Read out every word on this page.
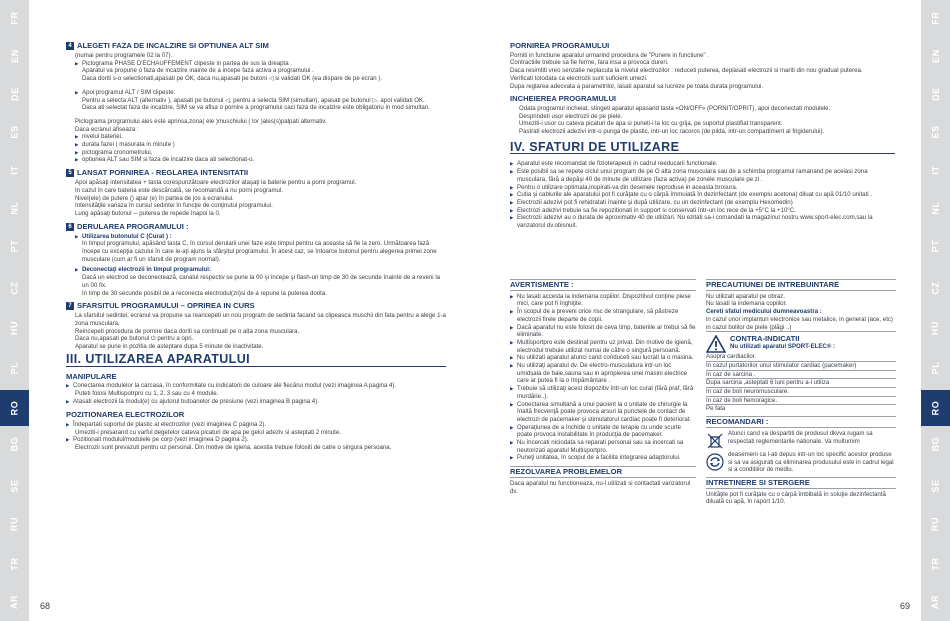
FR
EN
DE
ES
IT
NL
PT
CZ
HU
PL
RO
BG
SE
RU
TR
AR
FR
EN
DE
ES
IT
NL
PT
CZ
HU
PL
RO
BG
SE
RU
TR
AR
4 ALEGETI FAZA DE INCALZIRE SI OPTIUNEA ALT SIM

(numai pentru programele 02 la 07).

▶ Pictograma PHASE D'ECHAUFFEMENT clipeste in partea de sus la dreapta .

Aparatul va propune o faza de incalzire inainte de a incepe faza activa a programului .

Daca doriti s-o selectionati,apasati pe OK, daca nu,apasati pe butoni ◁ si validati OK (ea dispare de pe ecran ).

▶ Apoi programul ALT / SIM clipeste.

Pentru a selecta ALT (alternativ ), apasati pe butonul ◁, pentru a selecta SIM (simultan), apasati pe butonul ▷, apoi validati OK.

Daca ati selectat faza de incalzire, SIM se va afisa o pornire a programului caci faza de incalzire este obligatoriu in mod simultan.

Pictograma programului ales este aprinsa,zona( ele )muschiului ( lor )ales(s)palpati alternativ.

Daca ecranul afiseaza :

▶ nivelul bateriei,
▶ durata fazei ( masurata in minute )
▶ pictograma cronometrului,
▶ optiunea ALT sau SIM si faza de incalzire daca ati selectionat-o.
5 LANSAT PORNIREA - REGLAREA INTENSITATII

Apoi apăsaţi intensitatea + tasta corespunzătoare electrozilor ataşaţi la baterie pentru a porni programul.

In cazul în care bateria este descărcată, se recomandă a nu porni programul.

Nivel(ele) de putere () apar (e) în partea de jos a ecranului.

Intensităţile variaza în cursul sedintei în funcţie de conţinutul programului.

Lung apăsaţi butonul ─ puterea de repede înapoi la 0.

6 DERULAREA PROGRAMULUI :
▶ Utilizarea butonului C (Curat ) :

In timpul programului, apăsând tasta C, în cursul derularii unei faze este timpul pentru ca aceasta să fie la zero. Următoarea fază începe cu excepţia cazului în care le-aţi ajuns la sfârşitul programului. În acest caz, se întoarce butonul pentru alegerea primei zone musculare (cum ar fi un sfarsit de program normal).

▶ Deconectaţi electrozii în timpul programului:

Dacă un electrod se deconectează, canalul respectiv se pune la 00 şi începe şi flash-uri timp de 30 de secunde înainte de a reveni la un 00 fix.

In timp de 30 secunde posibil de a reconecta electrodul(zii)si de a repune la puterea dorita.

7 SFARSITUL PROGRAMULUI – OPRIREA IN CURS

La sfarsitul sedintei, ecranul va propune sa reancepeti un nou program de sedinta facand sa clipeasca muschii din fata pentru a alege 1-a zona musculara.

Reincepeti procedura de pornire daca doriti sa continuati pe o alta zona musculara.

Daca nu,apasati pe butonul ⏻ pentru a opri.

Aparatul se pune in pozitia de asteptare dupa 5 minute de inactivitate.

III. UTILIZAREA APARATULUI
MANIPULARE
▶ Conectarea modulelor la carcasa, în conformitate cu indicatorii de culoare ale fiecărui modul (vezi imaginea A pagina 4).

Puteti folosi Multispotrpro cu 1, 2, 3 sau cu 4 module.

▶ Atasati electrozii la modul(e) cu ajutorul butoanelor de presiune (vezi imaginea B pagina 4).
POZITIONAREA ELECTROZILOR
▶ Îndepartati suportul de plastic al electrozilor (vezi imaginea C pagina 2).

Umeziti-i presarand cu varful degetelor cateva picaturi de apa pe gelul adeziv si asteptati 2 minute.

▶ Pozitionati modulul/modulele pe corp (vezi imaginea D pagina 2).

Electrozii sunt prevazuti pentru uz personal. Din motive de igiena, acestia trebuie folositi de catre o singura persoana.

68
PORNIREA PROGRAMULUI

Porniti in functiune aparatul urmarind procedura de "Punere in functiune" .

Contractiile trebuie sa fie ferme, fara insa a provoca dureri.

Daca resimtiti vreo senzatie neplacuta la nivelul electrozilor : reduceti puterea, deplasati electrozii si mariti din nou gradual puterea.

Verificati totodata ca electrozii sunt suficient umezi.

Dupa reglarea adecvata a parametrilor, lasati aparatul sa lucreze pe toata durata programului.

INCHEIEREA PROGRAMULUI

Odata programul incheiat, stingeti aparatul apasand tasta «ON/OFF» (PORNIT/OPRIT), apoi deconectati modulele.

Desprindeti usor electrozii de pe piele.

Umeziti-i usor cu cateva picaturi de apa si puneti-i la loc cu grija, pe suportul plastifiat transparent.

Pastrati electrozii adezivi intr-o punga de plastic, intr-un loc racoros (de pilda, intr-un compartiment al frigiderului).

IV. SFATURI DE UTILIZARE
▶ Aparatul este recomandat de fizioterapeuti in cadrul reeducarii functionale.
▶ Este posibil sa se repete ciclul unui program de pe O alta zona musculara sau de a schimba programul ramanand pe aceiasi zona musculara, fără a depăşi 40 de minute de utilizare (faza activa) pe zonele musculare pe zi .
▶ Pentru o utilizare optimala,inspirati-va din desenele reproduse in aceasta brosura.
▶ Cutia şi cablurile ale aparatului pot fi curăţate cu o cârpă îmmuiată în dezinfectant (de exemplu acetona) diluat cu apă 01/10 unitati .
▶ Electrozii adezivi pot fi rehidratati înainte şi după utilizare, cu un dezinfectant (de exemplu Hexomedin)
▶ Electrozi adezivi trebuie sa fie repozitionati in support si conservati într-un loc rece de la +5°C la +10°C.
▶ Electrozii adezivi au o durata de aproximativ 40 de utilizari. Nu ezitati sa-i comandati la magazinul nostru www.sport-elec.com,sau la vanzatorul dv.obisnuit.
AVERTISMENTE :
▶ Nu lasati accesta la indemana copiilor. Dispozitivul conţine piese mici, care pot fi înghiţite.
▶ În scopul de a preveni orice risc de strangulare, să păstreze electrozii firele departe de copii.
▶ Dacă aparatul nu este folosit de ceva timp, bateriile ar trebui să fie eliminate.
▶ Multisportpro este destinat pentru uz privat. Din motive de igienă, electrodul trebuie utilizat numai de către o singură persoană.
▶ Nu utilizati aparatul atunci cand conduceti sau lucrati la o masina.
▶ Nu utilizaţi aparatul dv. De electro-musculatura intr-un loc umidșala de baie,sauna sau in apropierea unei masini electrice care ar putea fi la o împământare .
▶ Trebuie să utilizaţi acest dispozitiv într-un loc curat (fără praf, fără murdărie..).
▶ Conectarea simultană a unui pacient la o unitate de chirurgie la înaltă frecvenţă poate provoca arsuri la punctele de contact de electrozi de pacemaker şi stimulatorul cardiac poate fi deteriorat.
▶ Operaţiunea de a închide o unitate de terapie cu unde scurte poate provoca instabilitate în producţia de pacemaker.
▶ Nu încercati niciodata sa reparati personal sau sa incercati sa neutorizati aparatul Multisportpro.
▶ Puneţi unitatea, în scopul de a facilita integrarea adaptorului.
REZOLVAREA PROBLEMELOR

Daca aparatul nu functioneaza, nu-l utilizati si contactati vanzatorul dv.

PRECAUTIUNEI DE INTREBUINTARE

Nu utilizati aparatul pe obraz.

Nu lasati la indemana copiilor.

Cereti sfatul medicului dumneavoastra :

in cazul unor implanturi electronice sau metalice, in general (ace, etc)

in cazul bolilor de piele (plăgi ..)

CONTRA-INDICATII
Nu utilizati aparatul SPORT-ELEC® :

Asupra cardiacilor.

In cazul purtatorilor unui stimulator cardiac (pacemaker)

In caz de sarcina .

Dupa sarcina ,asteptati 6 luni pentru a-l utiliza

In caz de boli neuromusculare.

In caz de boli hemoragice.

Pe fata

RECOMANDARI :

Atunci cand va despartiti de produsul dkvva rugam sa respectati reglementarile nationale. Va multumim

deasemeni ca l-ati depus intr-un loc specific acestor produse si sa va asigurati ca eliminarea produsului este in cadrul legal si a conditiilor de mediu.

INTRETINERE SI STERGERE

Unităţile pot fi curăţate cu o cârpă îmbibată în soluţie dezinfectantă diluată cu apă, în raport 1/10.

69
